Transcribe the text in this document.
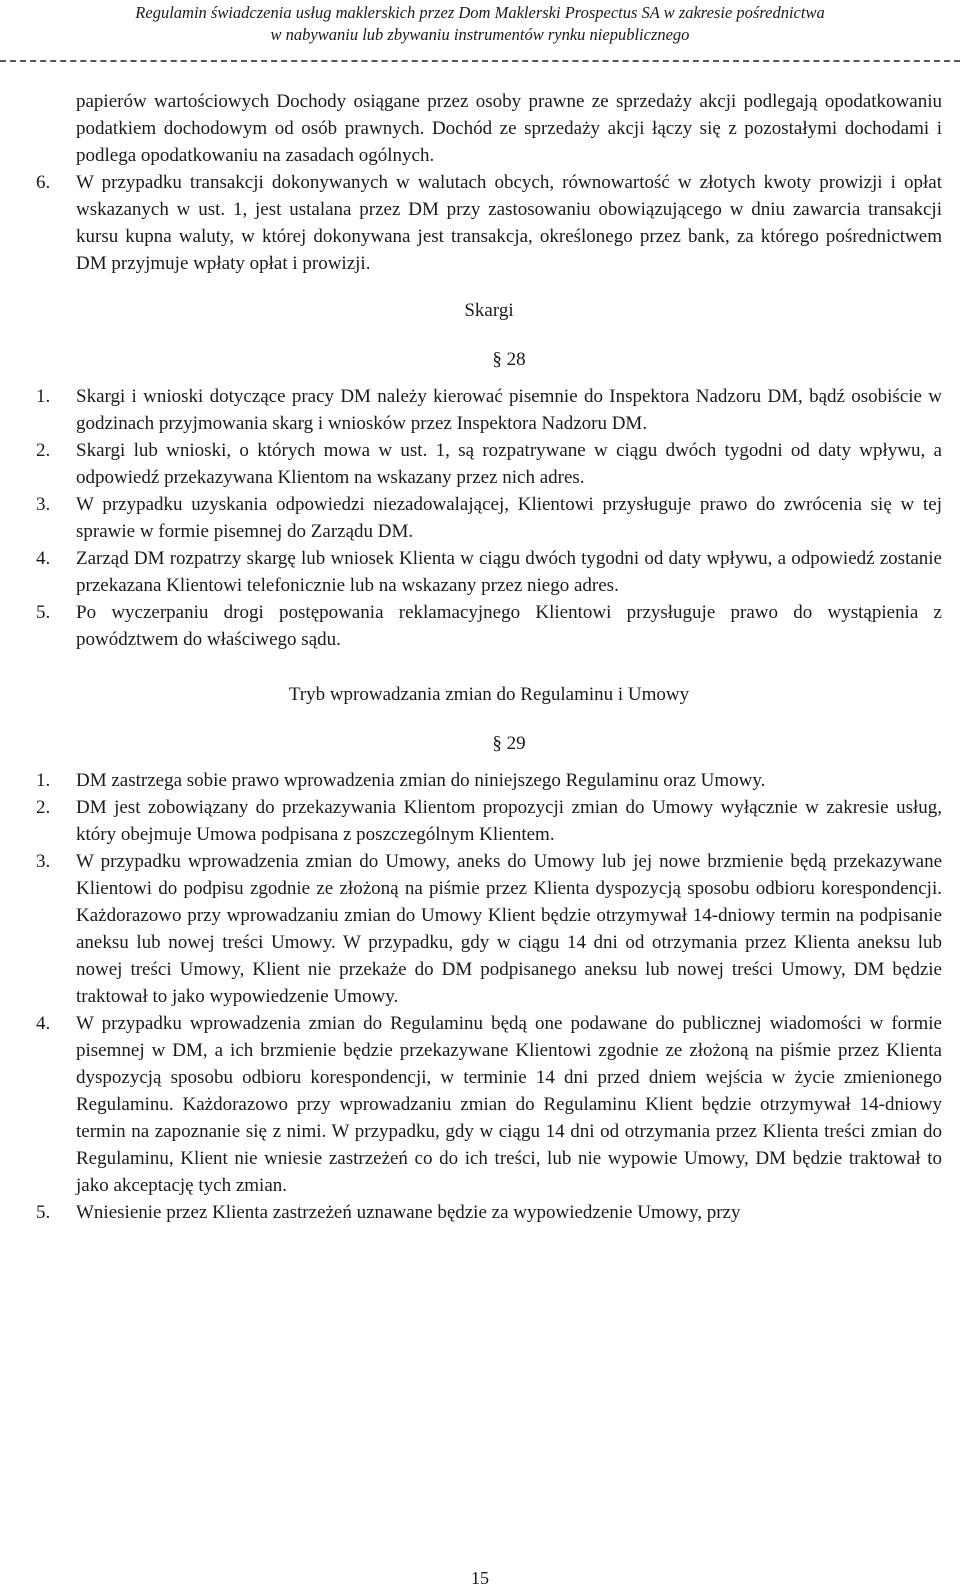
Regulamin świadczenia usług maklerskich przez Dom Maklerski Prospectus SA w zakresie pośrednictwa
w nabywaniu lub zbywaniu instrumentów rynku niepublicznego

papierów wartościowych Dochody osiągane przez osoby prawne ze sprzedaży akcji podlegają opodatkowaniu podatkiem dochodowym od osób prawnych. Dochód ze sprzedaży akcji łączy się z pozostałymi dochodami i podlega opodatkowaniu na zasadach ogólnych.

6. W przypadku transakcji dokonywanych w walutach obcych, równowartość w złotych kwoty prowizji i opłat wskazanych w ust. 1, jest ustalana przez DM przy zastosowaniu obowiązującego w dniu zawarcia transakcji kursu kupna waluty, w której dokonywana jest transakcja, określonego przez bank, za którego pośrednictwem DM przyjmuje wpłaty opłat i prowizji.

Skargi

§ 28

1. Skargi i wnioski dotyczące pracy DM należy kierować pisemnie do Inspektora Nadzoru DM, bądź osobiście w godzinach przyjmowania skarg i wniosków przez Inspektora Nadzoru DM.
2. Skargi lub wnioski, o których mowa w ust. 1, są rozpatrywane w ciągu dwóch tygodni od daty wpływu, a odpowiedź przekazywana Klientom na wskazany przez nich adres.
3. W przypadku uzyskania odpowiedzi niezadowalającej, Klientowi przysługuje prawo do zwrócenia się w tej sprawie w formie pisemnej do Zarządu DM.
4. Zarząd DM rozpatrzy skargę lub wniosek Klienta w ciągu dwóch tygodni od daty wpływu, a odpowiedź zostanie przekazana Klientowi telefonicznie lub na wskazany przez niego adres.
5. Po wyczerpaniu drogi postępowania reklamacyjnego Klientowi przysługuje prawo do wystąpienia z powództwem do właściwego sądu.

Tryb wprowadzania zmian do Regulaminu i Umowy

§ 29

1. DM zastrzega sobie prawo wprowadzenia zmian do niniejszego Regulaminu oraz Umowy.
2. DM jest zobowiązany do przekazywania Klientom propozycji zmian do Umowy wyłącznie w zakresie usług, który obejmuje Umowa podpisana z poszczególnym Klientem.
3. W przypadku wprowadzenia zmian do Umowy, aneks do Umowy lub jej nowe brzmienie będą przekazywane Klientowi do podpisu zgodnie ze złożoną na piśmie przez Klienta dyspozycją sposobu odbioru korespondencji. Każdorazowo przy wprowadzaniu zmian do Umowy Klient będzie otrzymywał 14-dniowy termin na podpisanie aneksu lub nowej treści Umowy. W przypadku, gdy w ciągu 14 dni od otrzymania przez Klienta aneksu lub nowej treści Umowy, Klient nie przekaże do DM podpisanego aneksu lub nowej treści Umowy, DM będzie traktował to jako wypowiedzenie Umowy.
4. W przypadku wprowadzenia zmian do Regulaminu będą one podawane do publicznej wiadomości w formie pisemnej w DM, a ich brzmienie będzie przekazywane Klientowi zgodnie ze złożoną na piśmie przez Klienta dyspozycją sposobu odbioru korespondencji, w terminie 14 dni przed dniem wejścia w życie zmienionego Regulaminu. Każdorazowo przy wprowadzaniu zmian do Regulaminu Klient będzie otrzymywał 14-dniowy termin na zapoznanie się z nimi. W przypadku, gdy w ciągu 14 dni od otrzymania przez Klienta treści zmian do Regulaminu, Klient nie wniesie zastrzeżeń co do ich treści, lub nie wypowie Umowy, DM będzie traktował to jako akceptację tych zmian.
5. Wniesienie przez Klienta zastrzeżeń uznawane będzie za wypowiedzenie Umowy, przy
15
